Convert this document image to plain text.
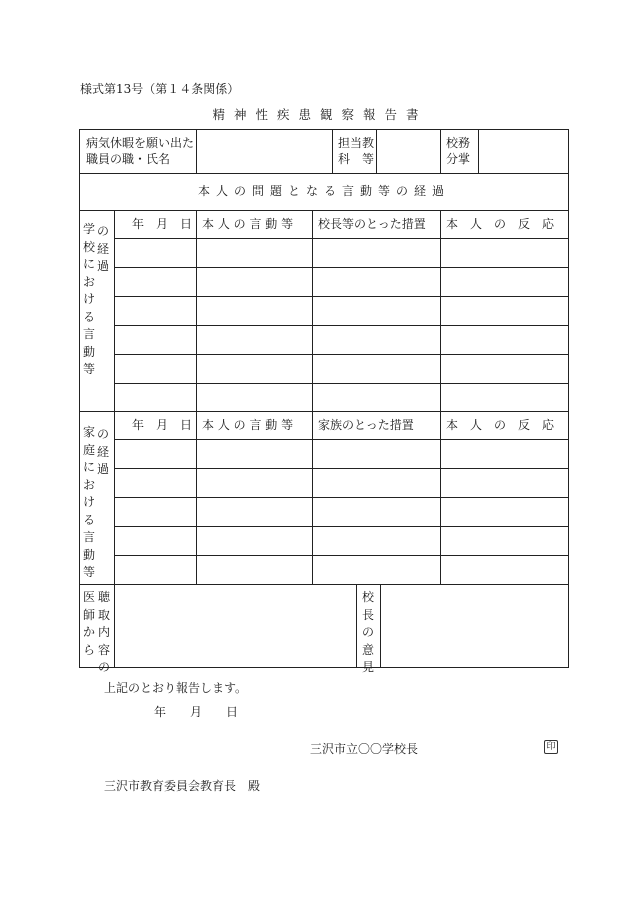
様式第13号（第１４条関係）
精神性疾患観察報告書
病気休暇を願い出た
職員の職・氏名
担当教
科　等
校務
分掌
本人の問題となる言動等の経過
学校における言動等
の経過
年　月　日 本 人 の 言 動 等 校長等のとった措置 本　人　の　反　応
家庭における言動等
の経過
年　月　日 本 人 の 言 動 等 家族のとった措置	本　人　の　反　応
医師から
聴取内容の
校長の意見
上記のとおり報告します。
年　　月　　日
三沢市立〇〇学校長	印
三沢市教育委員会教育長　殿
